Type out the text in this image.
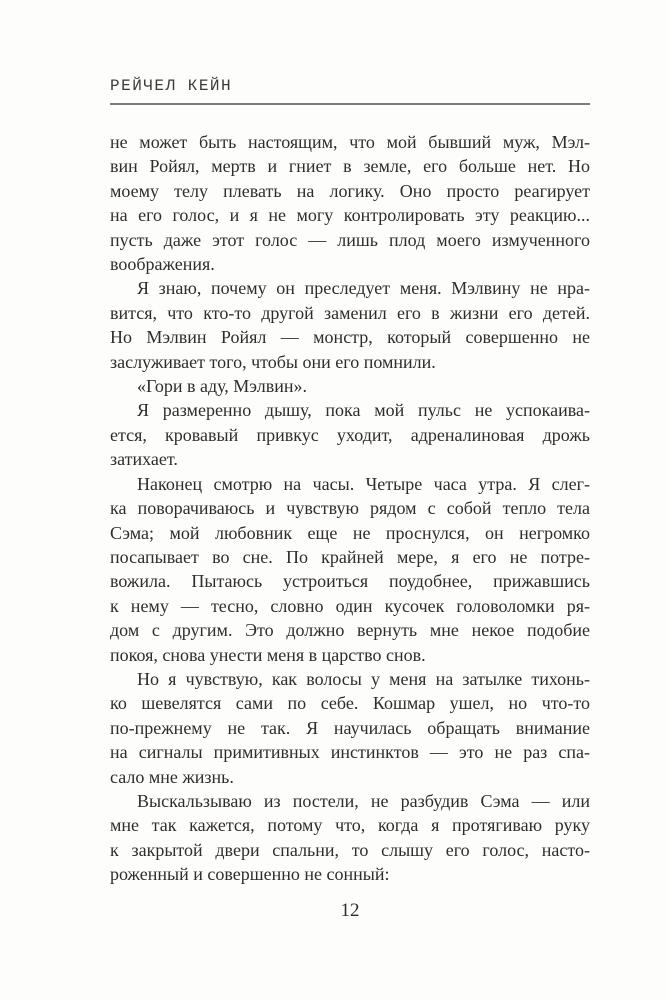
РЕЙЧЕЛ КЕЙН
не может быть настоящим, что мой бывший муж, Мэл-
вин Ройял, мертв и гниет в земле, его больше нет. Но
моему телу плевать на логику. Оно просто реагирует
на его голос, и я не могу контролировать эту реакцию...
пусть даже этот голос — лишь плод моего измученного
воображения.
Я знаю, почему он преследует меня. Мэлвину не нра-
вится, что кто-то другой заменил его в жизни его детей.
Но Мэлвин Ройял — монстр, который совершенно не
заслуживает того, чтобы они его помнили.
«Гори в аду, Мэлвин».
Я размеренно дышу, пока мой пульс не успокаива-
ется, кровавый привкус уходит, адреналиновая дрожь
затихает.
Наконец смотрю на часы. Четыре часа утра. Я слег-
ка поворачиваюсь и чувствую рядом с собой тепло тела
Сэма; мой любовник еще не проснулся, он негромко
посапывает во сне. По крайней мере, я его не потре-
вожила. Пытаюсь устроиться поудобнее, прижавшись
к нему — тесно, словно один кусочек головоломки ря-
дом с другим. Это должно вернуть мне некое подобие
покоя, снова унести меня в царство снов.
Но я чувствую, как волосы у меня на затылке тихонь-
ко шевелятся сами по себе. Кошмар ушел, но что-то
по-прежнему не так. Я научилась обращать внимание
на сигналы примитивных инстинктов — это не раз спа-
сало мне жизнь.
Выскальзываю из постели, не разбудив Сэма — или
мне так кажется, потому что, когда я протягиваю руку
к закрытой двери спальни, то слышу его голос, насто-
роженный и совершенно не сонный:
12
